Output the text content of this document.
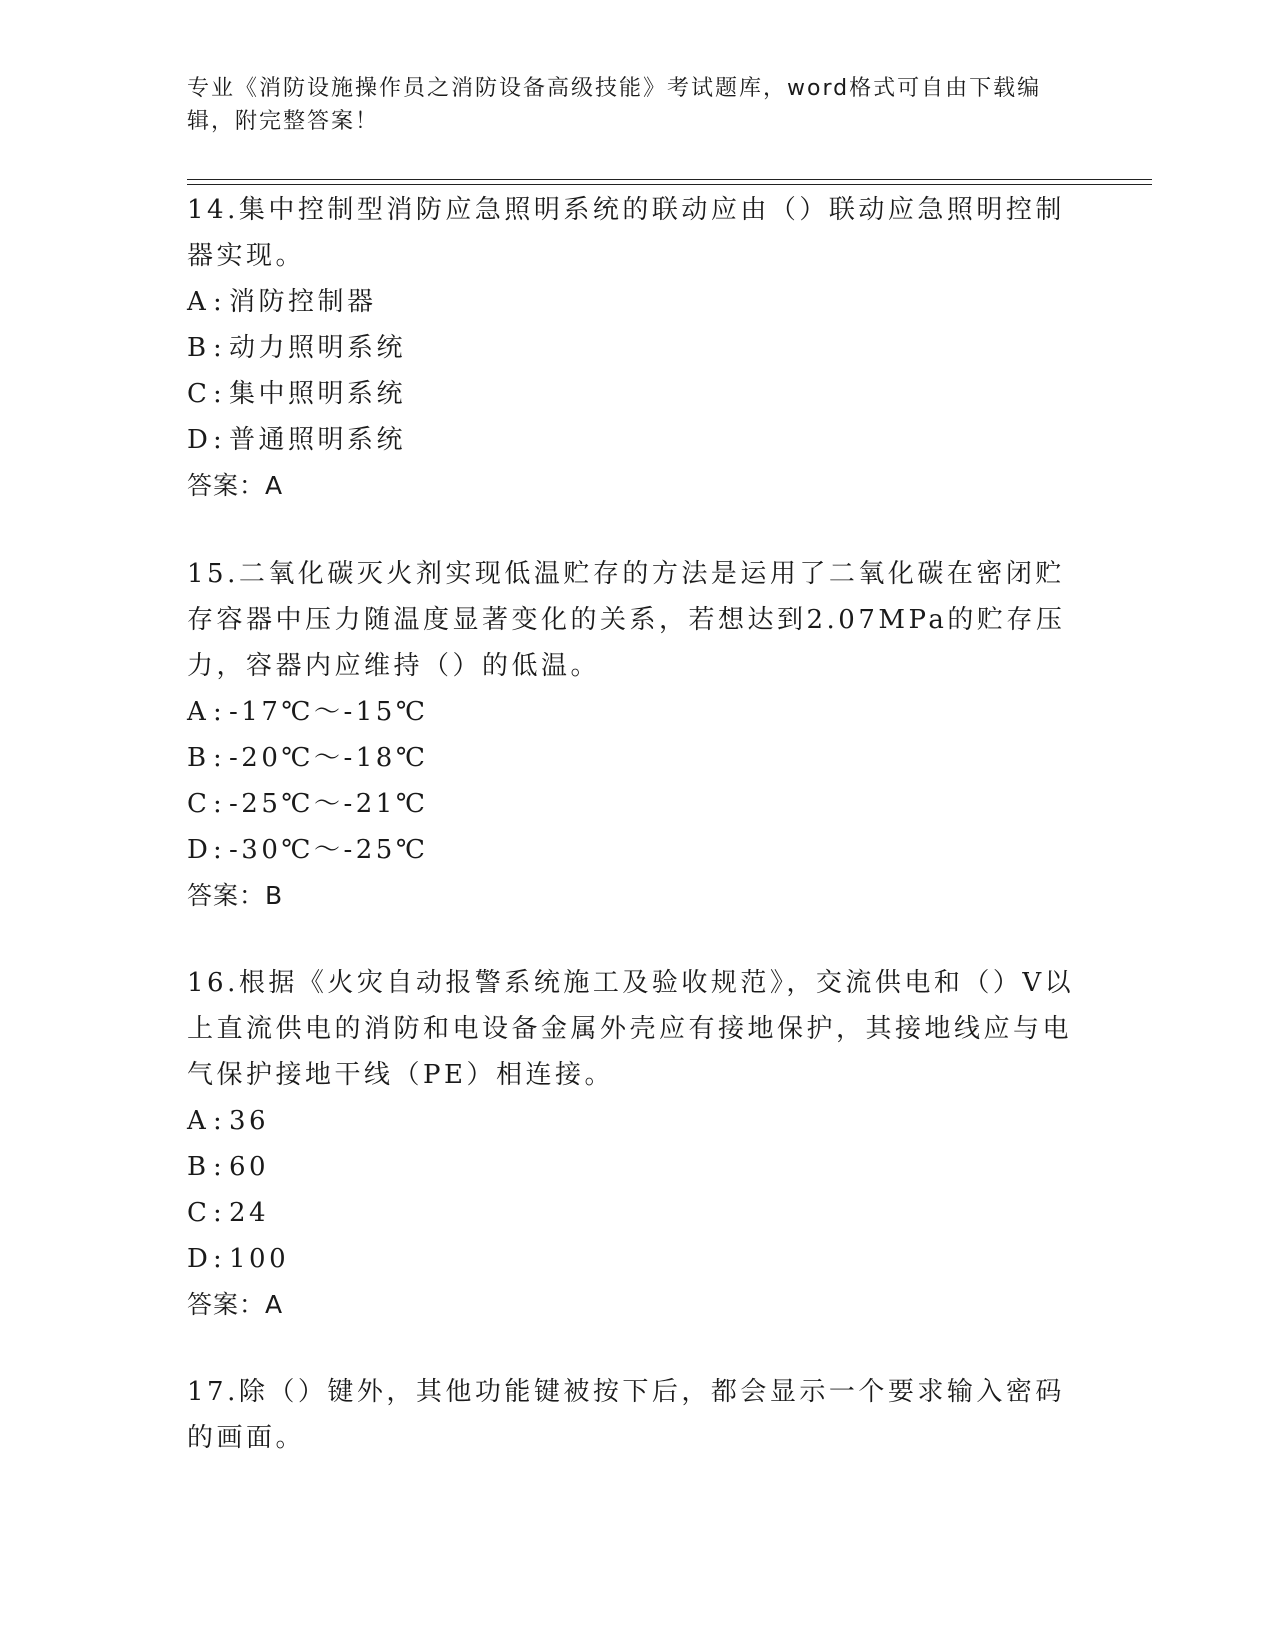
专业《消防设施操作员之消防设备高级技能》考试题库，word格式可自由下载编辑，附完整答案！

14.集中控制型消防应急照明系统的联动应由（）联动应急照明控制器实现。

A : 消防控制器

B : 动力照明系统

C: 集中照明系统

D: 普通照明系统

答案：A

15.二氧化碳灭火剂实现低温贮存的方法是运用了二氧化碳在密闭贮存容器中压力随温度显著变化的关系，若想达到2.07MPa的贮存压力，容器内应维持（）的低温。

A : -17℃～-15℃

B : -20℃～-18℃

C: -25℃～-21℃

D: -30℃～-25℃

答案：B

16.根据《火灾自动报警系统施工及验收规范》，交流供电和（）V以上直流供电的消防和电设备金属外壳应有接地保护，其接地线应与电气保护接地干线（PE）相连接。

A : 36

B : 60

C: 24

D: 100

答案：A

17.除（）键外，其他功能键被按下后，都会显示一个要求输入密码的画面。
